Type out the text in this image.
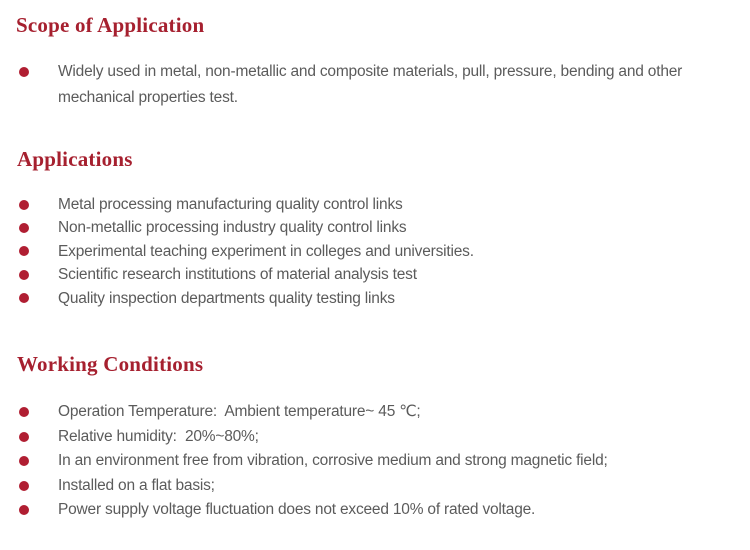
Scope of Application
Widely used in metal, non-metallic and composite materials, pull, pressure, bending and other mechanical properties test.
Applications
Metal processing manufacturing quality control links
Non-metallic processing industry quality control links
Experimental teaching experiment in colleges and universities.
Scientific research institutions of material analysis test
Quality inspection departments quality testing links
Working Conditions
Operation Temperature:  Ambient temperature~ 45 ℃;
Relative humidity:  20%~80%;
In an environment free from vibration, corrosive medium and strong magnetic field;
Installed on a flat basis;
Power supply voltage fluctuation does not exceed 10% of rated voltage.
